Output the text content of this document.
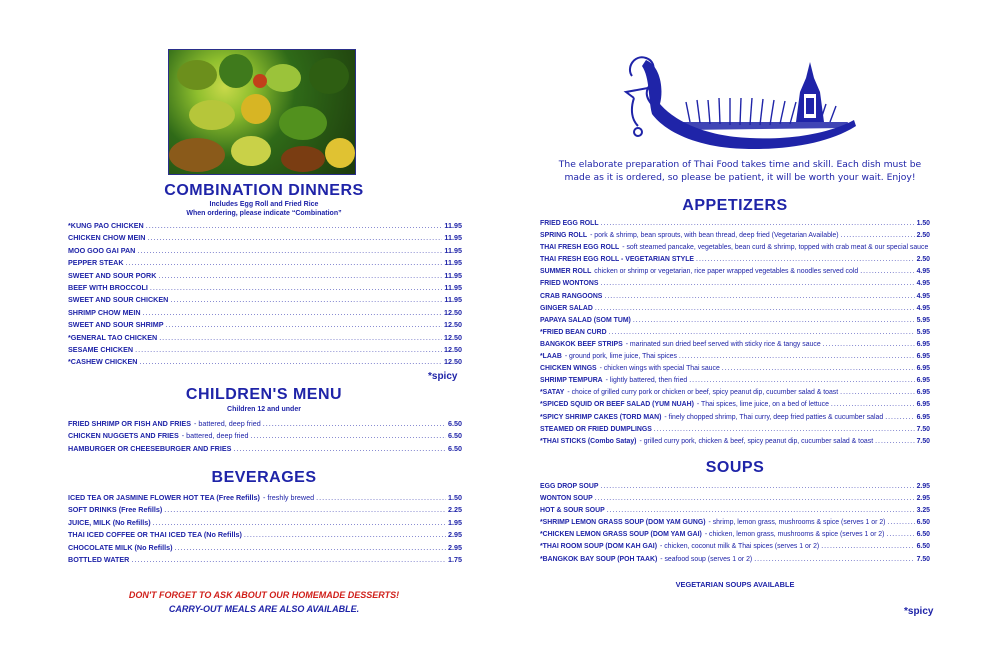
COMBINATION DINNERS
Includes Egg Roll and Fried Rice
When ordering, please indicate “Combination”
*KUNG PAO CHICKEN .....	11.95
CHICKEN CHOW MEIN .....	11.95
MOO GOO GAI PAN .....	11.95
PEPPER STEAK .....	11.95
SWEET AND SOUR PORK .....	11.95
BEEF WITH BROCCOLI .....	11.95
SWEET AND SOUR CHICKEN .....	11.95
SHRIMP CHOW MEIN .....	12.50
SWEET AND SOUR SHRIMP .....	12.50
*GENERAL TAO CHICKEN .....	12.50
SESAME CHICKEN .....	12.50
*CASHEW CHICKEN .....	12.50
*spicy
CHILDREN'S MENU
Children 12 and under
FRIED SHRIMP OR FISH AND FRIES - battered, deep fried .....	6.50
CHICKEN NUGGETS AND FRIES - battered, deep fried .....	6.50
HAMBURGER OR CHEESEBURGER AND FRIES .....	6.50
BEVERAGES
ICED TEA OR JASMINE FLOWER HOT TEA (Free Refills) - freshly brewed .....	1.50
SOFT DRINKS (Free Refills) .....	2.25
JUICE, MILK (No Refills) .....	1.95
THAI ICED COFFEE OR THAI ICED TEA (No Refills) .....	2.95
CHOCOLATE MILK (No Refills) .....	2.95
BOTTLED WATER .....	1.75
DON'T FORGET TO ASK ABOUT OUR HOMEMADE DESSERTS!
CARRY-OUT MEALS ARE ALSO AVAILABLE.
The elaborate preparation of Thai Food takes time and skill. Each dish must be
made as it is ordered, so please be patient, it will be worth your wait. Enjoy!
APPETIZERS
FRIED EGG ROLL .....	1.50
SPRING ROLL - pork & shrimp, bean sprouts, with bean thread, deep fried (Vegetarian Available) .....	2.50
THAI FRESH EGG ROLL - soft steamed pancake, vegetables, bean curd & shrimp, topped with crab meat & our special sauce
THAI FRESH EGG ROLL - VEGETARIAN STYLE .....	2.50
SUMMER ROLL chicken or shrimp or vegetarian, rice paper wrapped vegetables & noodles served cold .....	4.95
FRIED WONTONS .....	4.95
CRAB RANGOONS .....	4.95
GINGER SALAD .....	4.95
PAPAYA SALAD (SOM TUM) .....	5.95
*FRIED BEAN CURD .....	5.95
BANGKOK BEEF STRIPS - marinated sun dried beef served with sticky rice & tangy sauce .....	6.95
*LAAB - ground pork, lime juice, Thai spices .....	6.95
CHICKEN WINGS - chicken wings with special Thai sauce .....	6.95
SHRIMP TEMPURA - lightly battered, then fried .....	6.95
*SATAY - choice of grilled curry pork or chicken or beef, spicy peanut dip, cucumber salad & toast .....	6.95
*SPICED SQUID OR BEEF SALAD (YUM NUAH) - Thai spices, lime juice, on a bed of lettuce .....	6.95
*SPICY SHRIMP CAKES (TORD MAN) - finely chopped shrimp, Thai curry, deep fried patties & cucumber salad .....	6.95
STEAMED OR FRIED DUMPLINGS .....	7.50
*THAI STICKS (Combo Satay) - grilled curry pork, chicken & beef, spicy peanut dip, cucumber salad & toast .....	7.50
SOUPS
EGG DROP SOUP .....	2.95
WONTON SOUP .....	2.95
HOT & SOUR SOUP .....	3.25
*SHRIMP LEMON GRASS SOUP (DOM YAM GUNG) - shrimp, lemon grass, mushrooms & spice (serves 1 or 2) .....	6.50
*CHICKEN LEMON GRASS SOUP (DOM YAM GAI) - chicken, lemon grass, mushrooms & spice (serves 1 or 2) .....	6.50
*THAI ROOM SOUP (DOM KAH GAI) - chicken, coconut milk & Thai spices (serves 1 or 2) .....	6.50
*BANGKOK BAY SOUP (POH TAAK) - seafood soup (serves 1 or 2) .....	7.50
VEGETARIAN SOUPS AVAILABLE
*spicy
